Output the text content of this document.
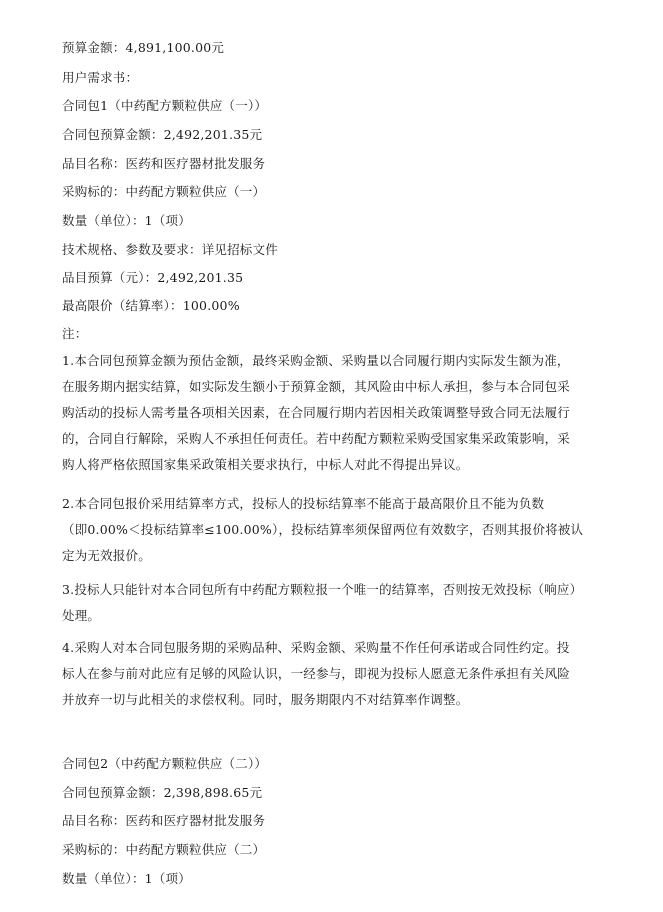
预算金额：4,891,100.00元
用户需求书：
合同包1（中药配方颗粒供应（一））
合同包预算金额：2,492,201.35元
品目名称：医药和医疗器材批发服务
采购标的：中药配方颗粒供应（一）
数量（单位）：1（项）
技术规格、参数及要求：详见招标文件
品目预算（元）：2,492,201.35
最高限价（结算率）：100.00%
注：
1.本合同包预算金额为预估金额，最终采购金额、采购量以合同履行期内实际发生额为准，
在服务期内据实结算，如实际发生额小于预算金额，其风险由中标人承担，参与本合同包采
购活动的投标人需考量各项相关因素，在合同履行期内若因相关政策调整导致合同无法履行
的，合同自行解除，采购人不承担任何责任。若中药配方颗粒采购受国家集采政策影响，采
购人将严格依照国家集采政策相关要求执行，中标人对此不得提出异议。
2.本合同包报价采用结算率方式，投标人的投标结算率不能高于最高限价且不能为负数
（即0.00%＜投标结算率≤100.00%），投标结算率须保留两位有效数字，否则其报价将被认
定为无效报价。
3.投标人只能针对本合同包所有中药配方颗粒报一个唯一的结算率，否则按无效投标（响应）
处理。
4.采购人对本合同包服务期的采购品种、采购金额、采购量不作任何承诺或合同性约定。投
标人在参与前对此应有足够的风险认识，一经参与，即视为投标人愿意无条件承担有关风险
并放弃一切与此相关的求偿权利。同时，服务期限内不对结算率作调整。
合同包2（中药配方颗粒供应（二））
合同包预算金额：2,398,898.65元
品目名称：医药和医疗器材批发服务
采购标的：中药配方颗粒供应（二）
数量（单位）：1（项）
